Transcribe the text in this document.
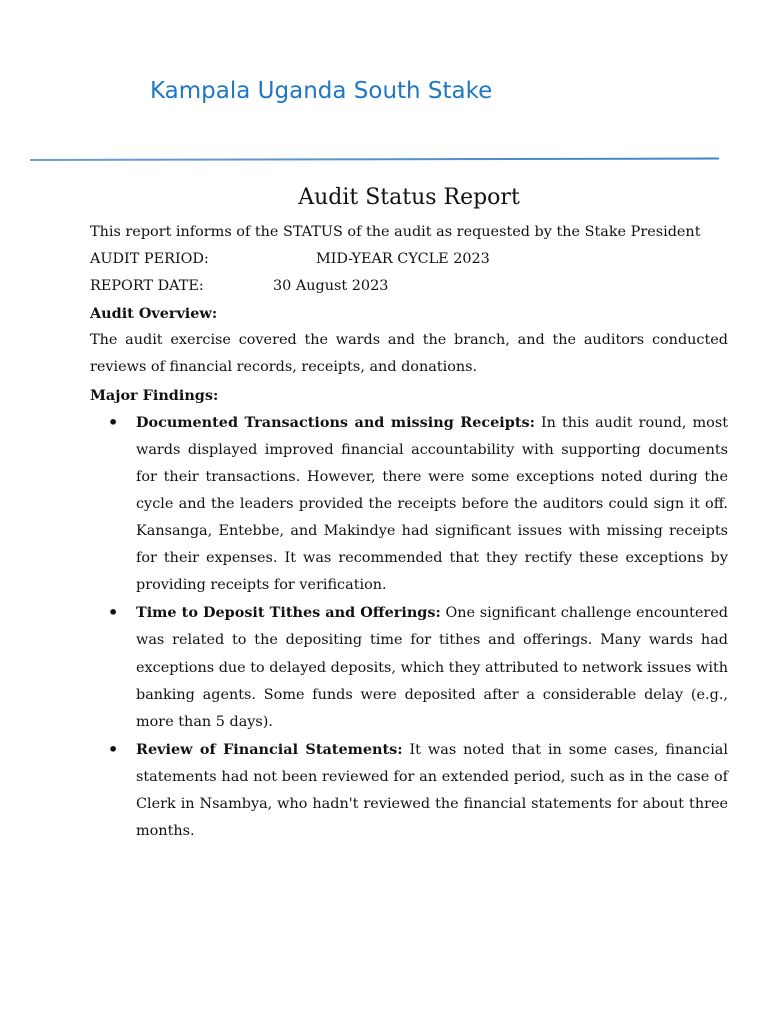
Kampala Uganda South Stake
Audit Status Report

This report informs of the STATUS of the audit as requested by the Stake President

AUDIT PERIOD:	MID-YEAR CYCLE 2023

REPORT DATE:	30 August 2023

Audit Overview:

The audit exercise covered the wards and the branch, and the auditors conducted reviews of financial records, receipts, and donations.

Major Findings:

• Documented Transactions and missing Receipts: In this audit round, most wards displayed improved financial accountability with supporting documents for their transactions. However, there were some exceptions noted during the cycle and the leaders provided the receipts before the auditors could sign it off. Kansanga, Entebbe, and Makindye had significant issues with missing receipts for their expenses. It was recommended that they rectify these exceptions by providing receipts for verification.
• Time to Deposit Tithes and Offerings: One significant challenge encountered was related to the depositing time for tithes and offerings. Many wards had exceptions due to delayed deposits, which they attributed to network issues with banking agents. Some funds were deposited after a considerable delay (e.g., more than 5 days).
• Review of Financial Statements: It was noted that in some cases, financial statements had not been reviewed for an extended period, such as in the case of Clerk in Nsambya, who hadn't reviewed the financial statements for about three months.
